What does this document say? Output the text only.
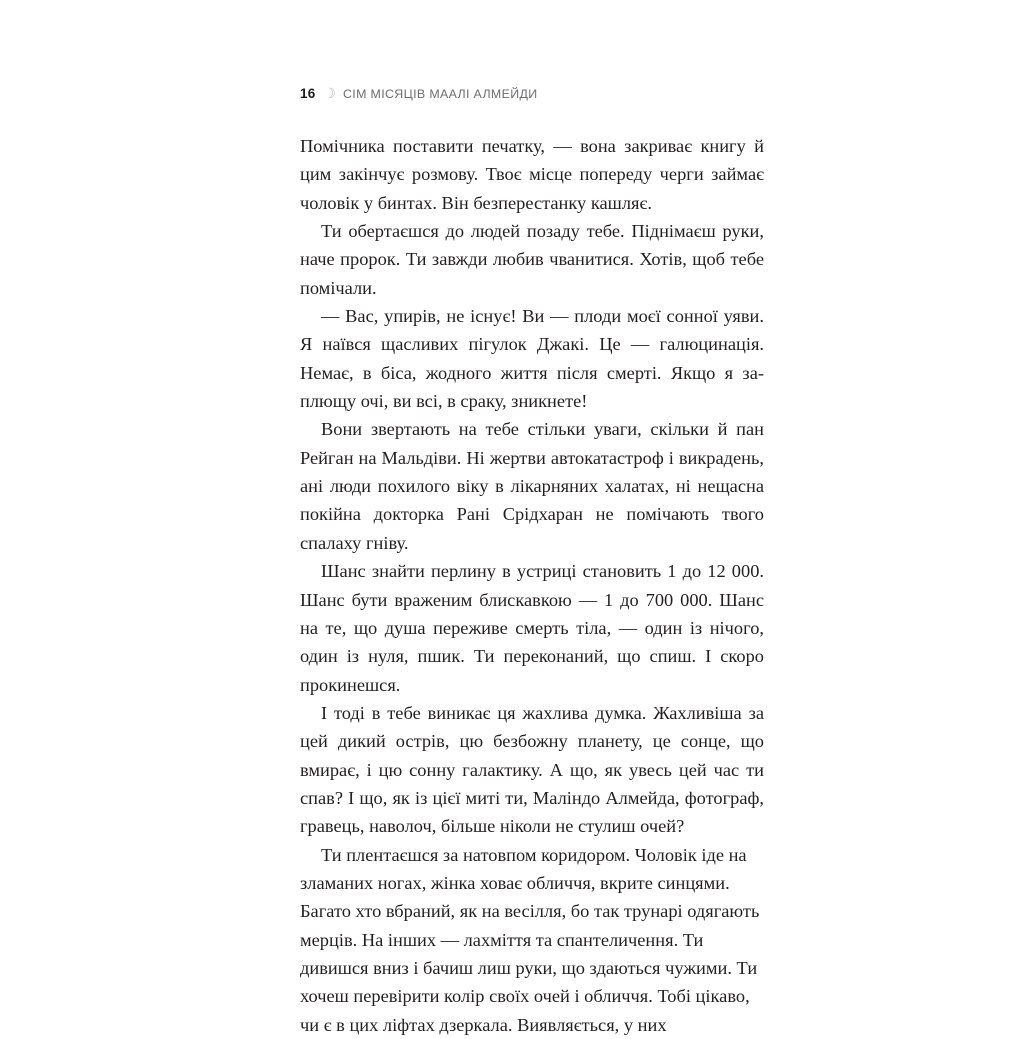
16 ☽ СІМ МІСЯЦІВ МААЛІ АЛМЕЙДИ

Помічника поставити печатку, — вона закриває книгу й цим закінчує розмову. Твоє місце попереду черги займає чоловік у бинтах. Він безперестанку кашляє.

Ти обертаєшся до людей позаду тебе. Піднімаєш руки, наче пророк. Ти завжди любив чванитися. Хотів, щоб тебе помічали.

— Вас, упирів, не існує! Ви — плоди моєї сонної уяви. Я наївся щасливих пігулок Джакі. Це — галюцинація. Немає, в біса, жодного життя після смерті. Якщо я заплющу очі, ви всі, в сраку, зникнете!

Вони звертають на тебе стільки уваги, скільки й пан Рейган на Мальдіви. Ні жертви автокатастроф і викрадень, ані люди похилого віку в лікарняних халатах, ні нещасна покійна докторка Рані Срідхаран не помічають твого спалаху гніву.

Шанс знайти перлину в устриці становить 1 до 12 000. Шанс бути враженим блискавкою — 1 до 700 000. Шанс на те, що душа переживе смерть тіла, — один із нічого, один із нуля, пшик. Ти переконаний, що спиш. І скоро прокинешся.

І тоді в тебе виникає ця жахлива думка. Жахливіша за цей дикий острів, цю безбожну планету, це сонце, що вмирає, і цю сонну галактику. А що, як увесь цей час ти спав? І що, як із цієї миті ти, Маліндо Алмейда, фотограф, гравець, наволоч, більше ніколи не стулиш очей?

Ти плентаєшся за натовпом коридором. Чоловік іде на зламаних ногах, жінка ховає обличчя, вкрите синцями. Багато хто вбраний, як на весілля, бо так трунарі одягають мерців. На інших — лахміття та спантеличення. Ти дивишся вниз і бачиш лиш руки, що здаються чужими. Ти хочеш перевірити колір своїх очей і обличчя. Тобі цікаво, чи є в цих ліфтах дзеркала. Виявляється, у них
